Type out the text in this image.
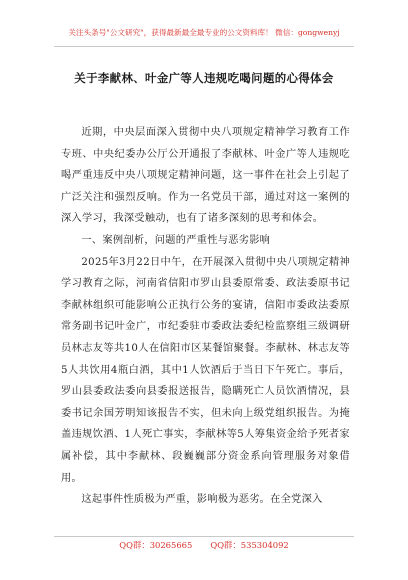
关注头条号"公文研究"，获得最新最全最专业的公文资料库！ 微信：gongwenyj
关于李献林、叶金广等人违规吃喝问题的心得体会

近期，中央层面深入贯彻中央八项规定精神学习教育工作专班、中央纪委办公厅公开通报了李献林、叶金广等人违规吃喝严重违反中央八项规定精神问题，这一事件在社会上引起了广泛关注和强烈反响。作为一名党员干部，通过对这一案例的深入学习，我深受触动，也有了诸多深刻的思考和体会。

一、案例剖析，问题的严重性与恶劣影响

2025年3月22日中午，在开展深入贯彻中央八项规定精神学习教育之际，河南省信阳市罗山县委原常委、政法委原书记李献林组织可能影响公正执行公务的宴请，信阳市委政法委原常务副书记叶金广，市纪委驻市委政法委纪检监察组三级调研员林志友等共10人在信阳市区某餐馆聚餐。李献林、林志友等5人共饮用4瓶白酒，其中1人饮酒后于当日下午死亡。事后，罗山县委政法委向县委报送报告，隐瞒死亡人员饮酒情况，县委书记余国芳明知该报告不实，但未向上级党组织报告。为掩盖违规饮酒、1人死亡事实，李献林等5人筹集资金给予死者家属补偿，其中李献林、段巍巍部分资金系向管理服务对象借用。

这起事件性质极为严重，影响极为恶劣。在全党深入

QQ群：30265665 QQ群：535304092
